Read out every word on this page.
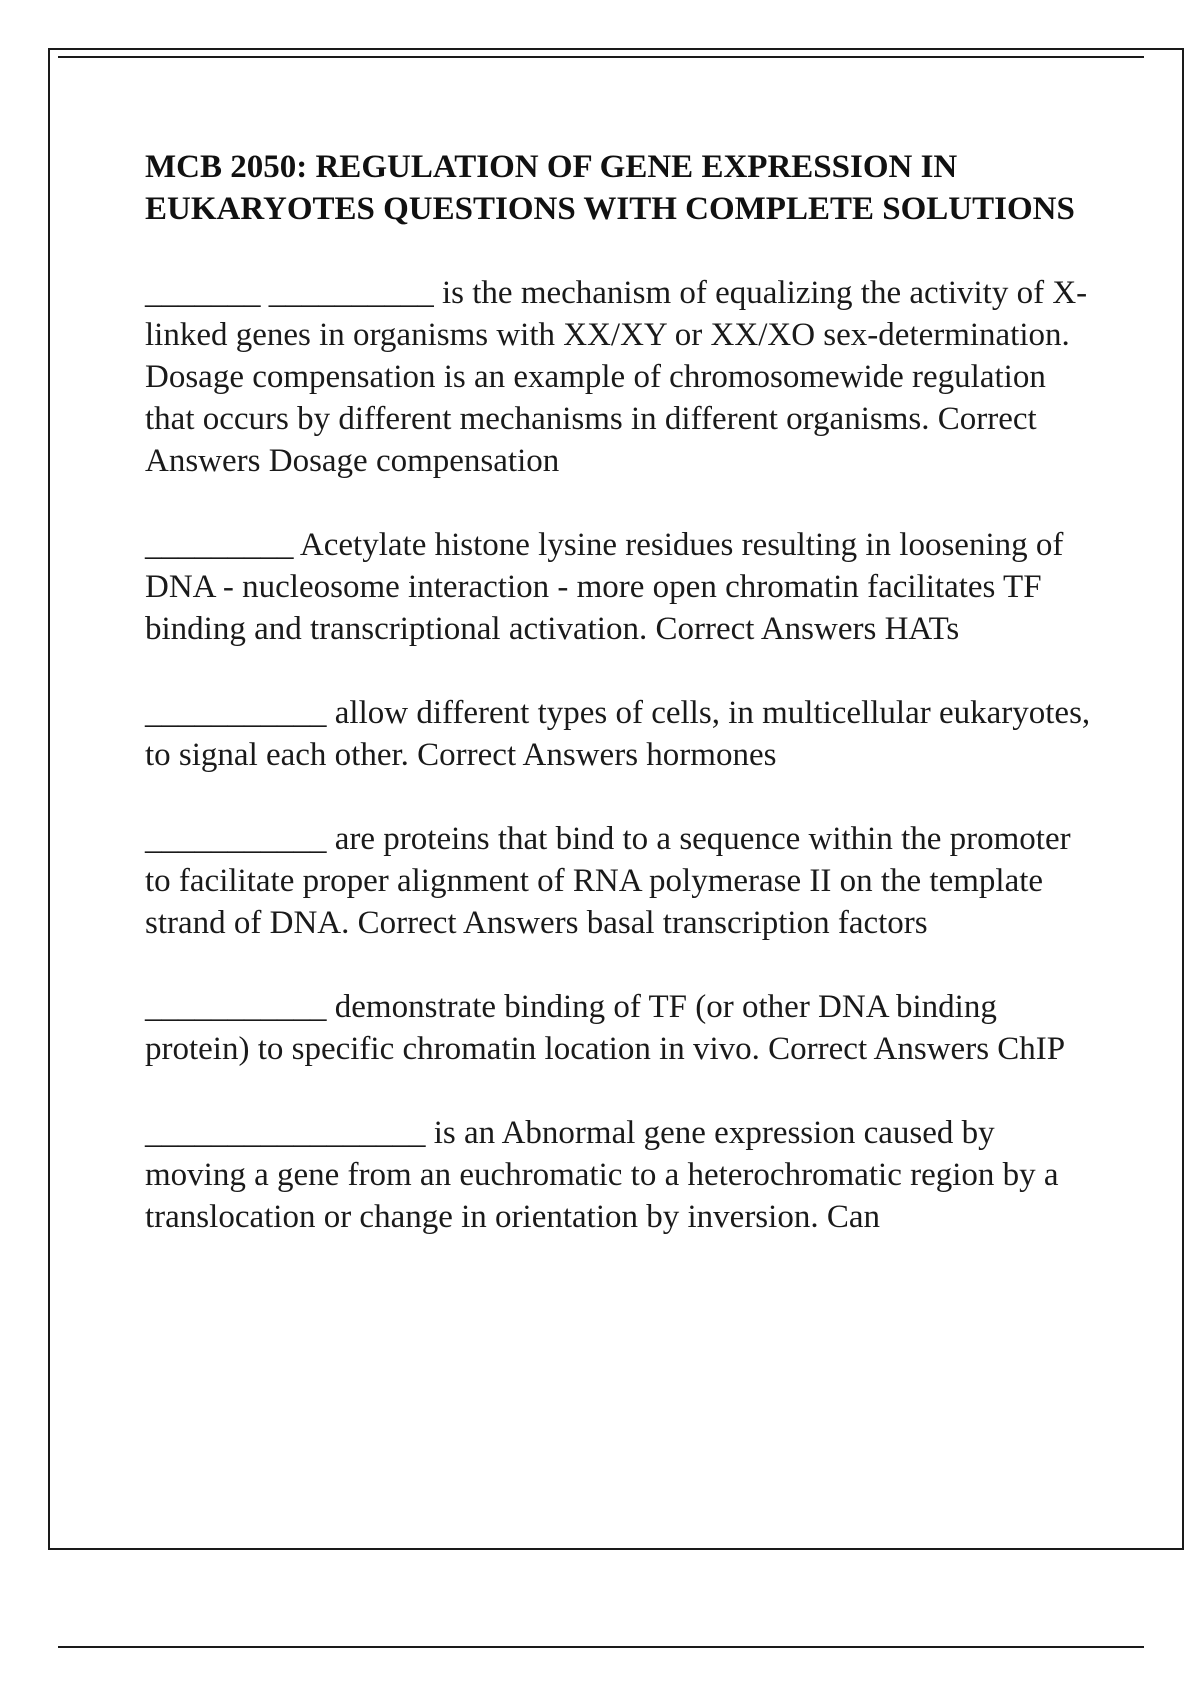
MCB 2050: REGULATION OF GENE EXPRESSION IN EUKARYOTES QUESTIONS WITH COMPLETE SOLUTIONS

_______ __________ is the mechanism of equalizing the activity of X-linked genes in organisms with XX/XY or XX/XO sex-determination. Dosage compensation is an example of chromosomewide regulation that occurs by different mechanisms in different organisms. Correct Answers Dosage compensation

_________ Acetylate histone lysine residues resulting in loosening of DNA - nucleosome interaction - more open chromatin facilitates TF binding and transcriptional activation. Correct Answers HATs

___________ allow different types of cells, in multicellular eukaryotes, to signal each other. Correct Answers hormones

___________ are proteins that bind to a sequence within the promoter to facilitate proper alignment of RNA polymerase II on the template strand of DNA. Correct Answers basal transcription factors

___________ demonstrate binding of TF (or other DNA binding protein) to specific chromatin location in vivo. Correct Answers ChIP

_________________ is an Abnormal gene expression caused by moving a gene from an euchromatic to a heterochromatic region by a translocation or change in orientation by inversion. Can
